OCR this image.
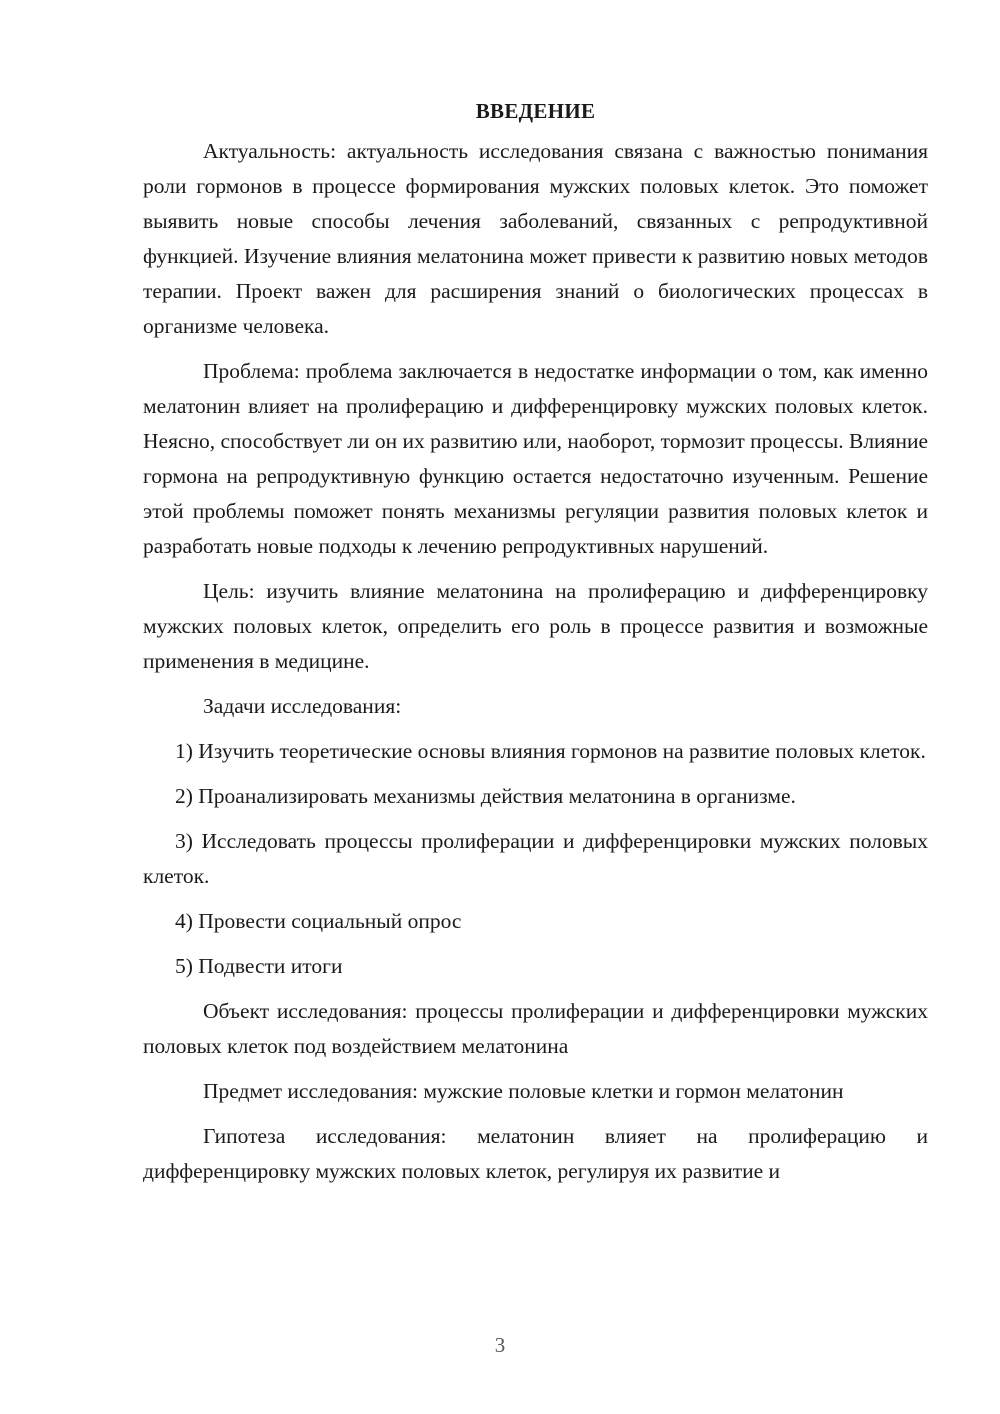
ВВЕДЕНИЕ

Актуальность: актуальность исследования связана с важностью понимания роли гормонов в процессе формирования мужских половых клеток. Это поможет выявить новые способы лечения заболеваний, связанных с репродуктивной функцией. Изучение влияния мелатонина может привести к развитию новых методов терапии. Проект важен для расширения знаний о биологических процессах в организме человека.

Проблема: проблема заключается в недостатке информации о том, как именно мелатонин влияет на пролиферацию и дифференцировку мужских половых клеток. Неясно, способствует ли он их развитию или, наоборот, тормозит процессы. Влияние гормона на репродуктивную функцию остается недостаточно изученным. Решение этой проблемы поможет понять механизмы регуляции развития половых клеток и разработать новые подходы к лечению репродуктивных нарушений.

Цель: изучить влияние мелатонина на пролиферацию и дифференцировку мужских половых клеток, определить его роль в процессе развития и возможные применения в медицине.

Задачи исследования:

1) Изучить теоретические основы влияния гормонов на развитие половых клеток.

2) Проанализировать механизмы действия мелатонина в организме.

3) Исследовать процессы пролиферации и дифференцировки мужских половых клеток.

4) Провести социальный опрос

5) Подвести итоги

Объект исследования: процессы пролиферации и дифференцировки мужских половых клеток под воздействием мелатонина

Предмет исследования: мужские половые клетки и гормон мелатонин

Гипотеза исследования: мелатонин влияет на пролиферацию и дифференцировку мужских половых клеток, регулируя их развитие и

3
